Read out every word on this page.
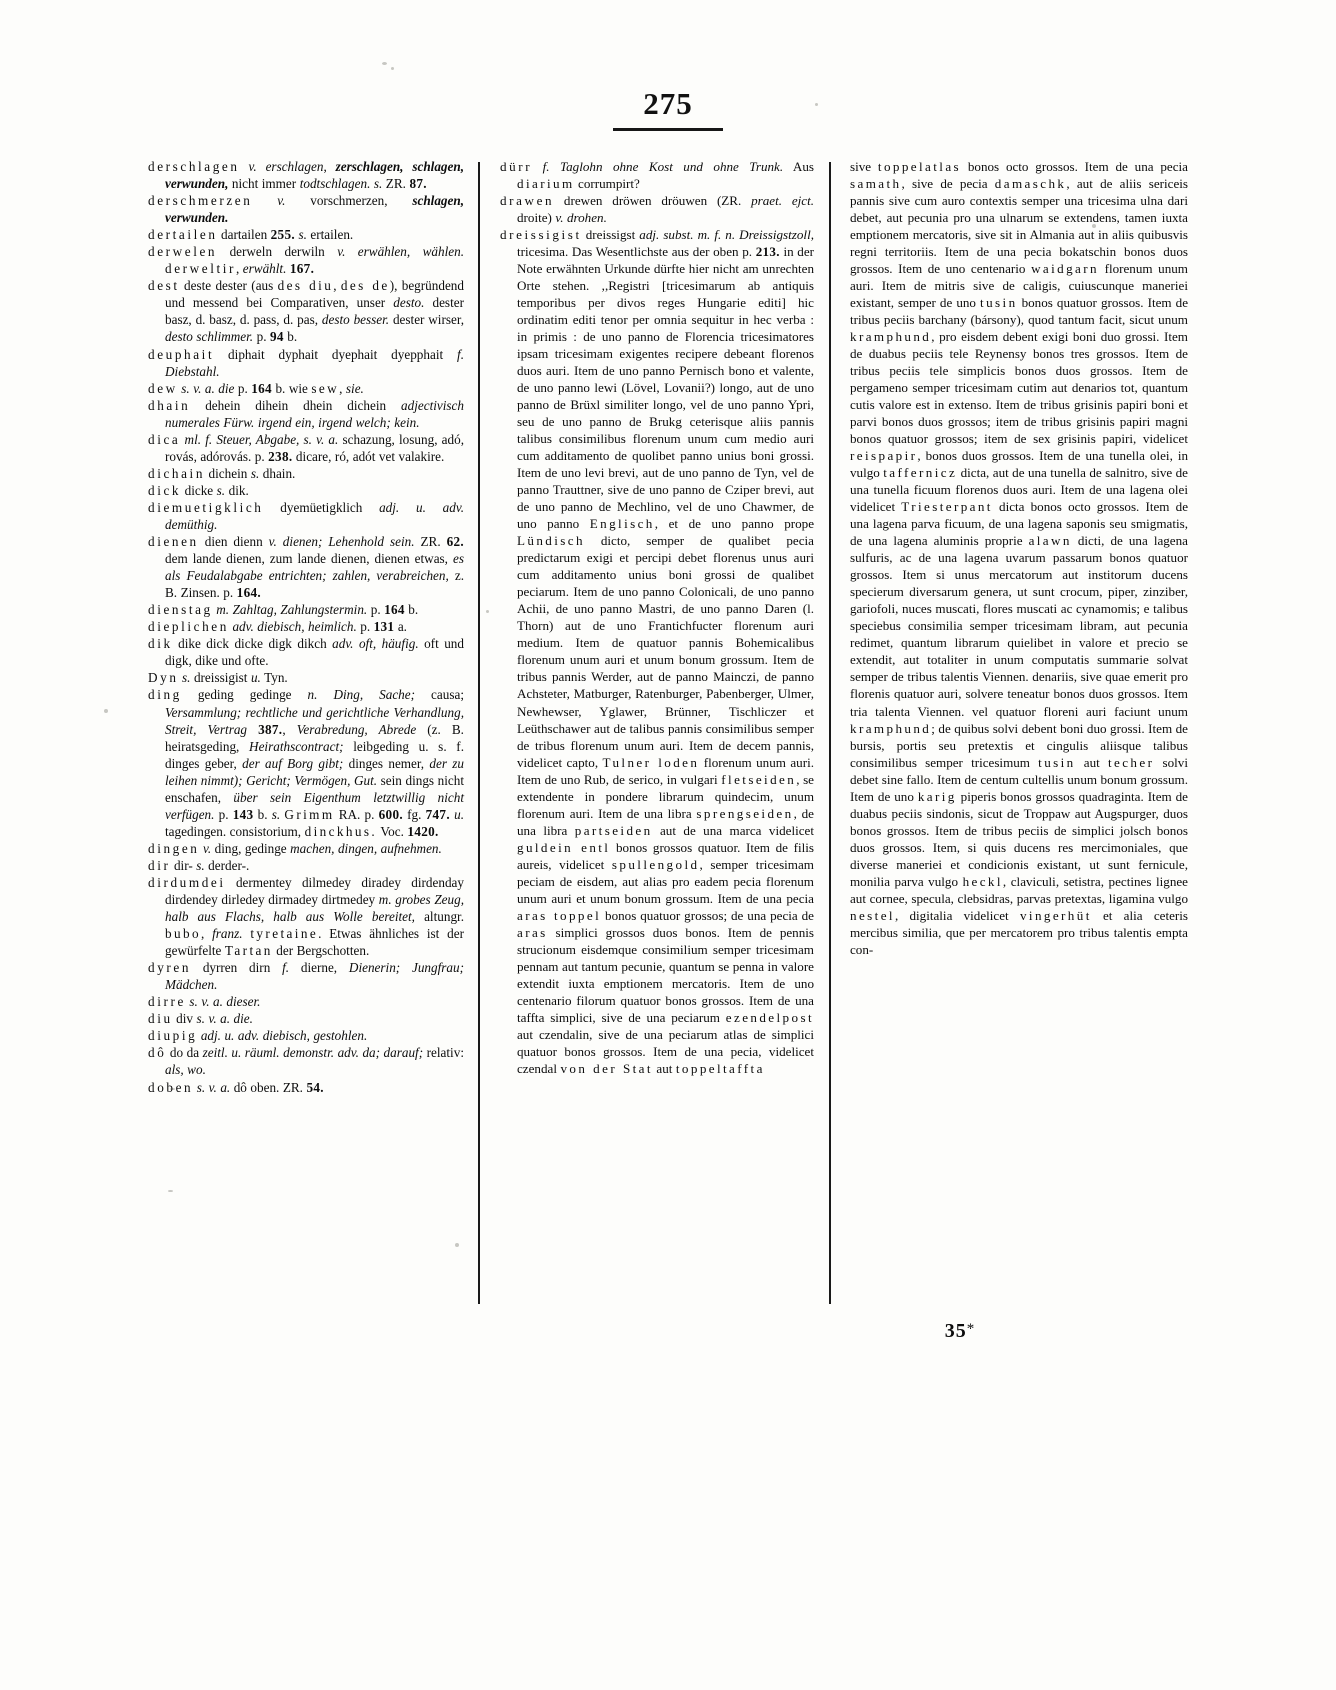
275

derschlagen v. erschlagen, zerschlagen, schlagen, verwunden, nicht immer todtschlagen. s. ZR. 87.

derschmerzen v. vorschmerzen, schlagen, verwunden.

dertailen dartailen 255. s. ertailen.

derwelen derweln derwiln v. erwählen, wählen. derweltir, erwählt. 167.

dest deste dester (aus des diu, des de), begründend und messend bei Comparativen, unser desto. dester basz, d. basz, d. pass, d. pas, desto besser. dester wirser, desto schlimmer. p. 94 b.

deuphait diphait dyphait dyephait dyepphait f. Diebstahl.

dew s. v. a. die p. 164 b. wie sew, sie.

dhain dehein dihein dhein dichein adjectivisch numerales Fürw. irgend ein, irgend welch; kein.

dica ml. f. Steuer, Abgabe, s. v. a. schazung, losung, adó, rovás, adórovás. p. 238. dicare, ró, adót vet valakire.

dichain dichein s. dhain.

dick dicke s. dik.

diemuetigklich dyemüetigklich adj. u. adv. demüthig.

dienen dien dienn v. dienen; Lehenhold sein. ZR. 62. dem lande dienen, zum lande dienen, dienen etwas, es als Feudalabgabe entrichten; zahlen, verabreichen, z. B. Zinsen. p. 164.

dienstag m. Zahltag, Zahlungstermin. p. 164 b.

dieplichen adv. diebisch, heimlich. p. 131 a.

dik dike dick dicke digk dikch adv. oft, häufig. oft und digk, dike und ofte.

Dyn s. dreissigist u. Tyn.

ding geding gedinge n. Ding, Sache; causa; Versammlung; rechtliche und gerichtliche Verhandlung, Streit, Vertrag 387., Verabredung, Abrede (z. B. heiratsgeding, Heirathscontract; leibgeding u. s. f. dinges geber, der auf Borg gibt; dinges nemer, der zu leihen nimmt); Gericht; Vermögen, Gut. sein dings nicht enschafen, über sein Eigenthum letztwillig nicht verfügen. p. 143 b. s. Grimm RA. p. 600. fg. 747. u. tagedingen. consistorium, dinckhus. Voc. 1420.

dingen v. ding, gedinge machen, dingen, aufnehmen.

dir dir- s. derder-.

dirdumdei dermentey dilmedey diradey dirdenday dirdendey dirledey dirmadey dirtmedey m. grobes Zeug, halb aus Flachs, halb aus Wolle bereitet, altungr. bubo, franz. tyretaine. Etwas ähnliches ist der gewürfelte Tartan der Bergschotten.

dyren dyrren dirn f. dierne, Dienerin; Jungfrau; Mädchen.

dirre s. v. a. dieser.

diu div s. v. a. die.

diupig adj. u. adv. diebisch, gestohlen.

dô do da zeitl. u. räuml. demonstr. adv. da; darauf; relativ: als, wo.

doben s. v. a. dô oben. ZR. 54.

dürr f. Taglohn ohne Kost und ohne Trunk. Aus diarium corrumpirt?

drawen drewen dröwen dröuwen (ZR. praet. ejct. droite) v. drohen.

dreissigist dreissigst adj. subst. m. f. n. Dreissigstzoll, tricesima. Das Wesentlichste aus der oben p. 213. in der Note erwähnten Urkunde dürfte hier nicht am unrechten Orte stehen. ,,Registri [tricesimarum ab antiquis temporibus per divos reges Hungarie editi] hic ordinatim editi tenor per omnia sequitur in hec verba : in primis : de uno panno de Florencia tricesimatores ipsam tricesimam exigentes recipere debeant florenos duos auri. Item de uno panno Pernisch bono et valente, de uno panno lewi (Lövel, Lovanii?) longo, aut de uno panno de Brüxl similiter longo, vel de uno panno Ypri, seu de uno panno de Brukg ceterisque aliis pannis talibus consimilibus florenum unum cum medio auri cum additamento de quolibet panno unius boni grossi. Item de uno levi brevi, aut de uno panno de Tyn, vel de panno Trauttner, sive de uno panno de Cziper brevi, aut de uno panno de Mechlino, vel de uno Chawmer, de uno panno Englisch, et de uno panno prope Lündisch dicto, semper de qualibet pecia predictarum exigi et percipi debet florenus unus auri cum additamento unius boni grossi de qualibet peciarum. Item de uno panno Colonicali, de uno panno Achii, de uno panno Mastri, de uno panno Daren (l. Thorn) aut de uno Frantichfucter florenum auri medium. Item de quatuor pannis Bohemicalibus florenum unum auri et unum bonum grossum. Item de tribus pannis Werder, aut de panno Mainczi, de panno Achsteter, Matburger, Ratenburger, Pabenberger, Ulmer, Newhewser, Yglawer, Brünner, Tischliczer et Leüthschawer aut de talibus pannis consimilibus semper de tribus florenum unum auri. Item de decem pannis, videlicet capto, Tulner loden florenum unum auri. Item de uno Rub, de serico, in vulgari fletseiden, se extendente in pondere librarum quindecim, unum florenum auri. Item de una libra sprengseiden, de una libra partseiden aut de una marca videlicet guldein entl bonos grossos quatuor. Item de filis aureis, videlicet spullengold, semper tricesimam peciam de eisdem, aut alias pro eadem pecia florenum unum auri et unum bonum grossum. Item de una pecia aras toppel bonos quatuor grossos; de una pecia de aras simplici grossos duos bonos. Item de pennis strucionum eisdemque consimilium semper tricesimam pennam aut tantum pecunie, quantum se penna in valore extendit iuxta emptionem mercatoris. Item de uno centenario filorum quatuor bonos grossos. Item de una taffta simplici, sive de una peciarum ezendelpost aut czendalin, sive de una peciarum atlas de simplici quatuor bonos grossos. Item de una pecia, videlicet czendal von der Stat aut toppeltaffta

sive toppelatlas bonos octo grossos. Item de una pecia samath, sive de pecia damaschk, aut de aliis sericeis pannis sive cum auro contextis semper una tricesima ulna dari debet, aut pecunia pro una ulnarum se extendens, tamen iuxta emptionem mercatoris, sive sit in Almania aut in aliis quibusvis regni territoriis. Item de una pecia bokatschin bonos duos grossos. Item de uno centenario waidgarn florenum unum auri. Item de mitris sive de caligis, cuiuscunque maneriei existant, semper de uno tusin bonos quatuor grossos. Item de tribus peciis barchany (bársony), quod tantum facit, sicut unum kramphund, pro eisdem debent exigi boni duo grossi. Item de duabus peciis tele Reynensy bonos tres grossos. Item de tribus peciis tele simplicis bonos duos grossos. Item de pergameno semper tricesimam cutim aut denarios tot, quantum cutis valore est in extenso. Item de tribus grisinis papiri boni et parvi bonos duos grossos; item de tribus grisinis papiri magni bonos quatuor grossos; item de sex grisinis papiri, videlicet reispapir, bonos duos grossos. Item de una tunella olei, in vulgo taffernicz dicta, aut de una tunella de salnitro, sive de una tunella ficuum florenos duos auri. Item de una lagena olei videlicet Triesterpant dicta bonos octo grossos. Item de una lagena parva ficuum, de una lagena saponis seu smigmatis, de una lagena aluminis proprie alawn dicti, de una lagena sulfuris, ac de una lagena uvarum passarum bonos quatuor grossos. Item si unus mercatorum aut institorum ducens specierum diversarum genera, ut sunt crocum, piper, zinziber, gariofoli, nuces muscati, flores muscati ac cynamomis; e talibus speciebus consimilia semper tricesimam libram, aut pecunia redimet, quantum librarum quielibet in valore et precio se extendit, aut totaliter in unum computatis summarie solvat semper de tribus talentis Viennen. denariis, sive quae emerit pro florenis quatuor auri, solvere teneatur bonos duos grossos. Item tria talenta Viennen. vel quatuor floreni auri faciunt unum kramphund; de quibus solvi debent boni duo grossi. Item de bursis, portis seu pretextis et cingulis aliisque talibus consimilibus semper tricesimum tusin aut techer solvi debet sine fallo. Item de centum cultellis unum bonum grossum. Item de uno karig piperis bonos grossos quadraginta. Item de duabus peciis sindonis, sicut de Troppaw aut Augspurger, duos bonos grossos. Item de tribus peciis de simplici jolsch bonos duos grossos. Item, si quis ducens res mercimoniales, que diverse maneriei et condicionis existant, ut sunt fernicule, monilia parva vulgo heckl, claviculi, setistra, pectines lignee aut cornee, specula, clebsidras, parvas pretextas, ligamina vulgo nestel, digitalia videlicet vingerhüt et alia ceteris mercibus similia, que per mercatorem pro tribus talentis empta con-

35*
